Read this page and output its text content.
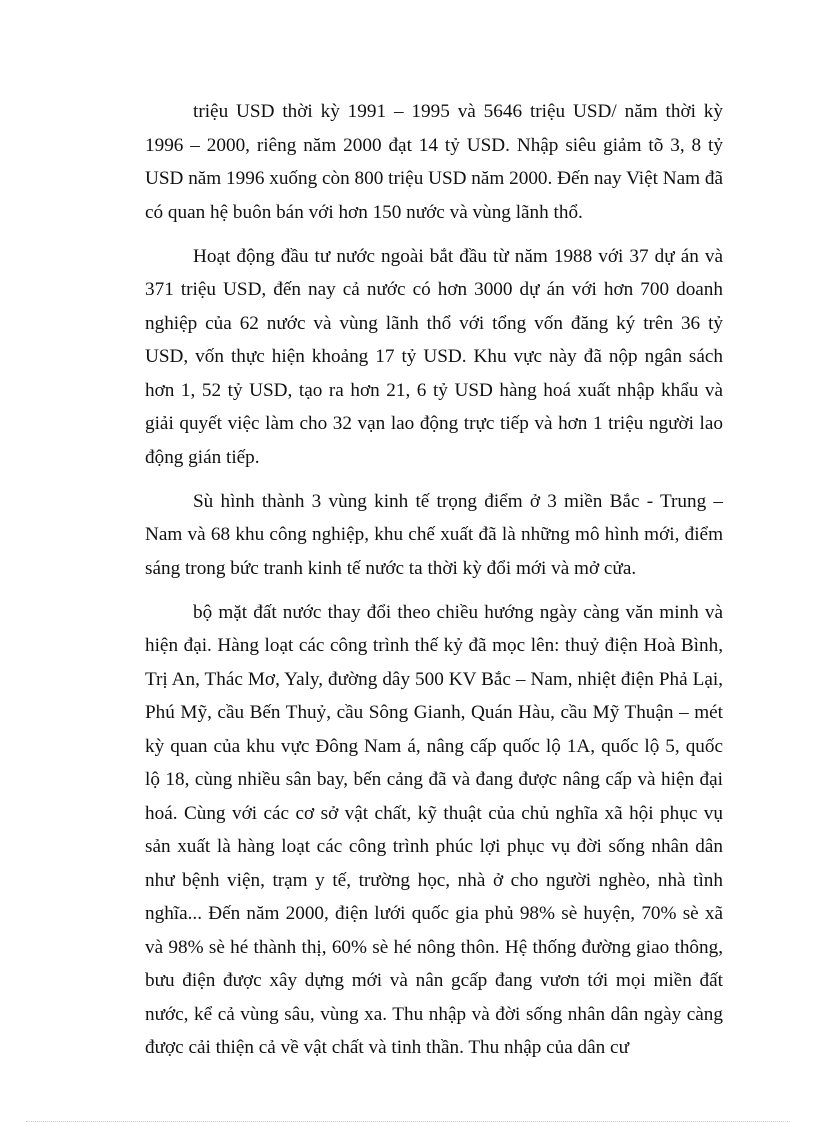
triệu USD thời kỳ 1991 – 1995 và 5646 triệu USD/ năm thời kỳ 1996 – 2000, riêng năm 2000 đạt 14 tỷ USD. Nhập siêu giảm tõ 3, 8 tỷ USD năm 1996 xuống còn 800 triệu USD năm 2000. Đến nay Việt Nam đã có quan hệ buôn bán với hơn 150 nước và vùng lãnh thổ.

Hoạt động đầu tư nước ngoài bắt đầu từ năm 1988 với 37 dự án và 371 triệu USD, đến nay cả nước có hơn 3000 dự án với hơn 700 doanh nghiệp của 62 nước và vùng lãnh thổ với tổng vốn đăng ký trên 36 tỷ USD, vốn thực hiện khoảng 17 tỷ USD. Khu vực này đã nộp ngân sách hơn 1, 52 tỷ USD, tạo ra hơn 21, 6 tỷ USD hàng hoá xuất nhập khẩu và giải quyết việc làm cho 32 vạn lao động trực tiếp và hơn 1 triệu người lao động gián tiếp.

Sù hình thành 3 vùng kinh tế trọng điểm ở 3 miền Bắc - Trung – Nam và 68 khu công nghiệp, khu chế xuất đã là những mô hình mới, điểm sáng trong bức tranh kinh tế nước ta thời kỳ đổi mới và mở cửa.

bộ mặt đất nước thay đổi theo chiều hướng ngày càng văn minh và hiện đại. Hàng loạt các công trình thế kỷ đã mọc lên: thuỷ điện Hoà Bình, Trị An, Thác Mơ, Yaly, đường dây 500 KV Bắc – Nam, nhiệt điện Phả Lại, Phú Mỹ, cầu Bến Thuỷ, cầu Sông Gianh, Quán Hàu, cầu Mỹ Thuận – mét kỳ quan của khu vực Đông Nam á, nâng cấp quốc lộ 1A, quốc lộ 5, quốc lộ 18, cùng nhiều sân bay, bến cảng đã và đang được nâng cấp và hiện đại hoá. Cùng với các cơ sở vật chất, kỹ thuật của chủ nghĩa xã hội phục vụ sản xuất là hàng loạt các công trình phúc lợi phục vụ đời sống nhân dân như bệnh viện, trạm y tế, trường học, nhà ở cho người nghèo, nhà tình nghĩa... Đến năm 2000, điện lưới quốc gia phủ 98% sè huyện, 70% sè xã và 98% sè hé thành thị, 60% sè hé nông thôn. Hệ thống đường giao thông, bưu điện được xây dựng mới và nân gcấp đang vươn tới mọi miền đất nước, kể cả vùng sâu, vùng xa. Thu nhập và đời sống nhân dân ngày càng được cải thiện cả về vật chất và tinh thần. Thu nhập của dân cư
